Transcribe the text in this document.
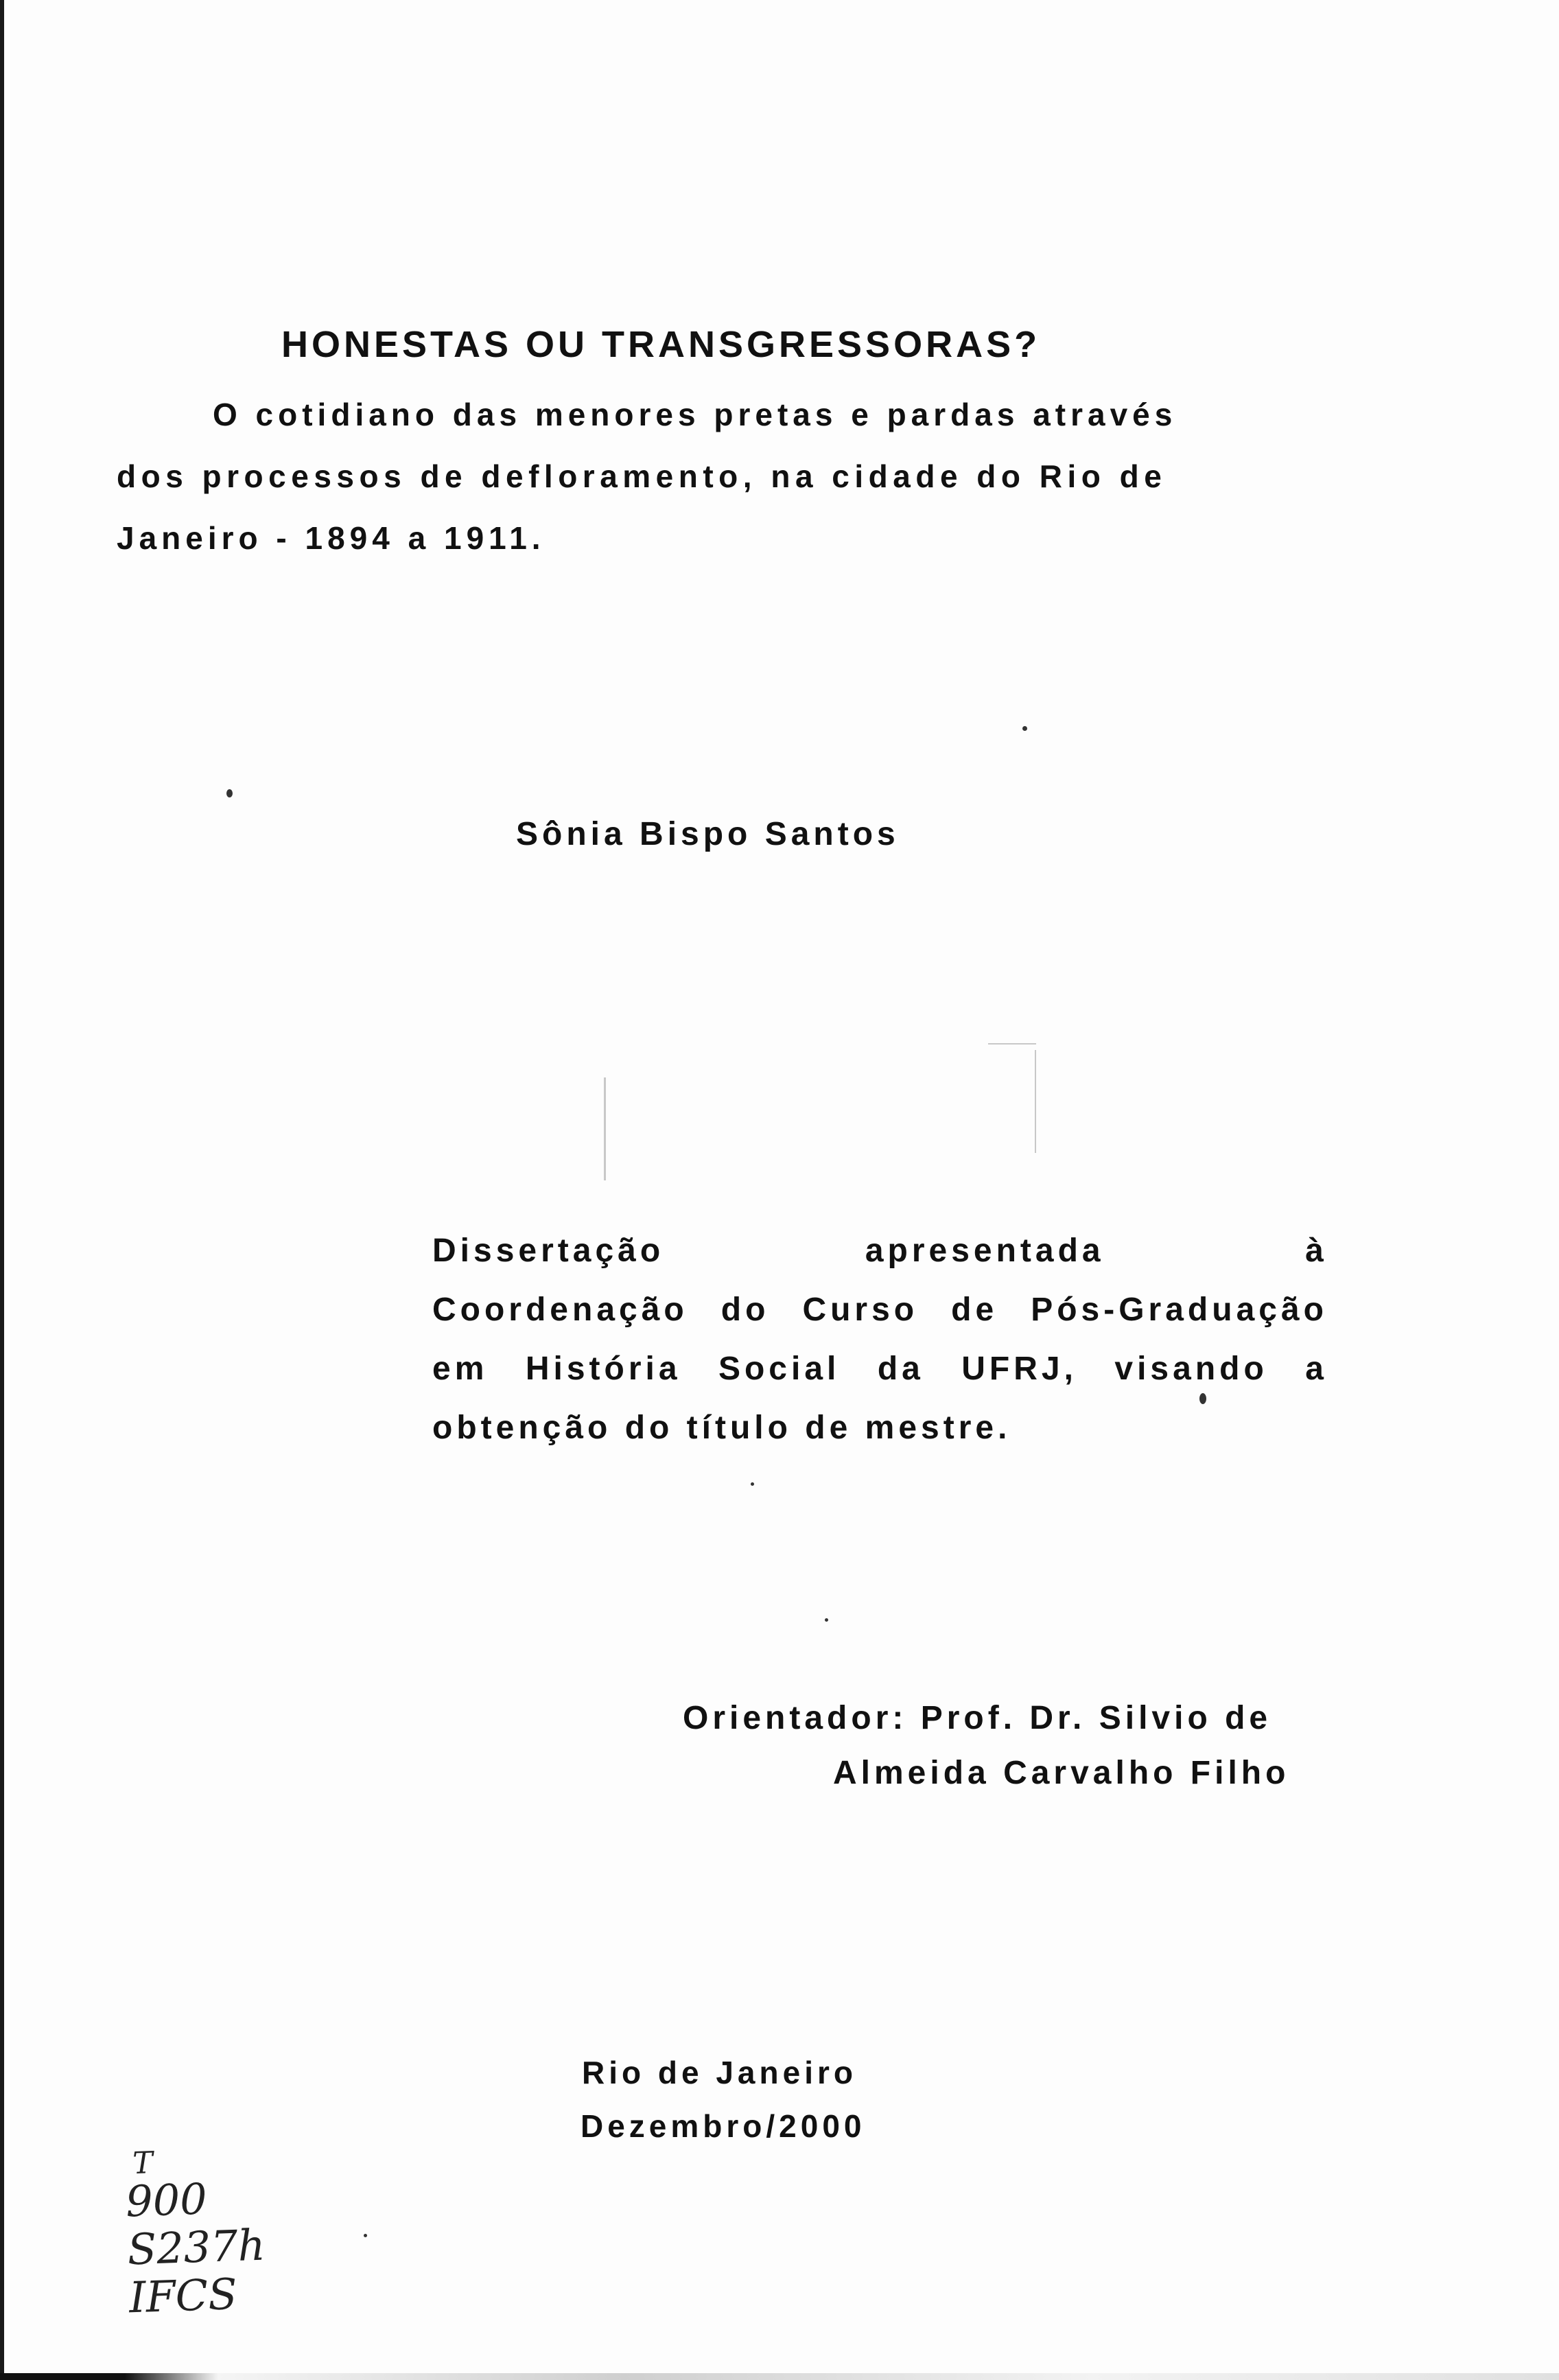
HONESTAS OU TRANSGRESSORAS?
O cotidiano das menores pretas e pardas através
dos processos de defloramento, na cidade do Rio de
Janeiro - 1894 a 1911.
Sônia Bispo Santos
Dissertação	apresentada	à
Coordenação do Curso de Pós-Graduação
em História Social da UFRJ, visando a
obtenção do título de mestre.
Orientador: Prof. Dr. Silvio de
Almeida Carvalho Filho
Rio de Janeiro
Dezembro/2000
T
900
S237h
IFCS
